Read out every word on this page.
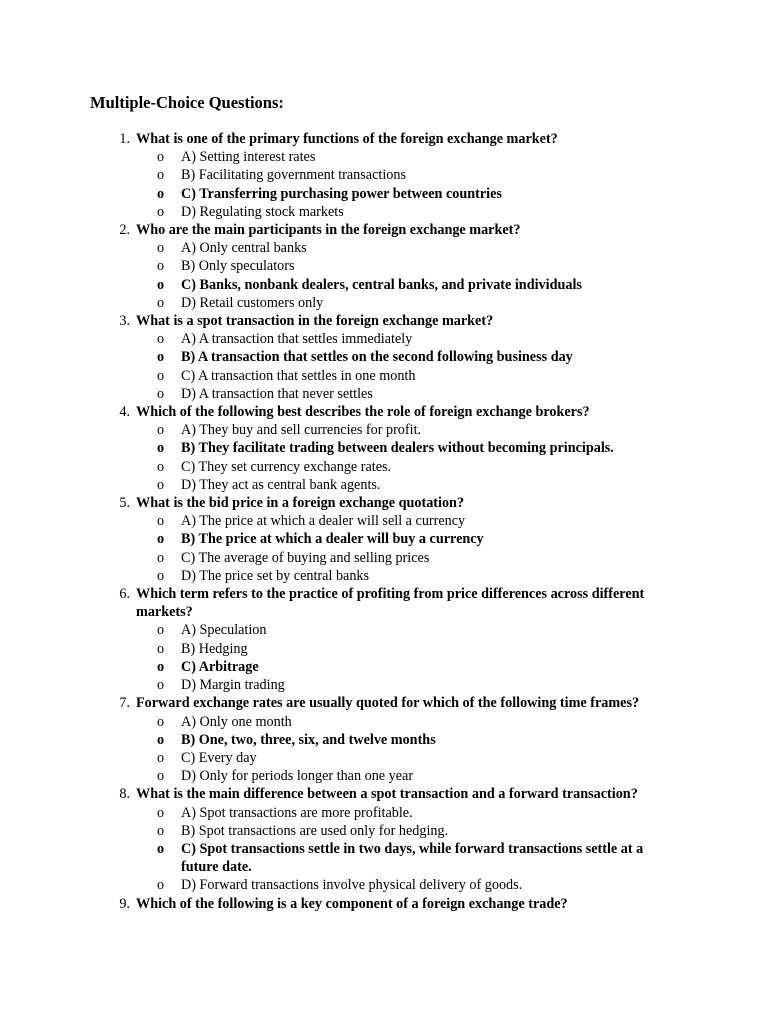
Multiple-Choice Questions:
1. What is one of the primary functions of the foreign exchange market?
o	A) Setting interest rates
o	B) Facilitating government transactions
o	C) Transferring purchasing power between countries
o	D) Regulating stock markets
2. Who are the main participants in the foreign exchange market?
o	A) Only central banks
o	B) Only speculators
o	C) Banks, nonbank dealers, central banks, and private individuals
o	D) Retail customers only
3. What is a spot transaction in the foreign exchange market?
o	A) A transaction that settles immediately
o	B) A transaction that settles on the second following business day
o	C) A transaction that settles in one month
o	D) A transaction that never settles
4. Which of the following best describes the role of foreign exchange brokers?
o	A) They buy and sell currencies for profit.
o	B) They facilitate trading between dealers without becoming principals.
o	C) They set currency exchange rates.
o	D) They act as central bank agents.
5. What is the bid price in a foreign exchange quotation?
o	A) The price at which a dealer will sell a currency
o	B) The price at which a dealer will buy a currency
o	C) The average of buying and selling prices
o	D) The price set by central banks
6. Which term refers to the practice of profiting from price differences across different markets?
o	A) Speculation
o	B) Hedging
o	C) Arbitrage
o	D) Margin trading
7. Forward exchange rates are usually quoted for which of the following time frames?
o	A) Only one month
o	B) One, two, three, six, and twelve months
o	C) Every day
o	D) Only for periods longer than one year
8. What is the main difference between a spot transaction and a forward transaction?
o	A) Spot transactions are more profitable.
o	B) Spot transactions are used only for hedging.
o	C) Spot transactions settle in two days, while forward transactions settle at a future date.
o	D) Forward transactions involve physical delivery of goods.
9. Which of the following is a key component of a foreign exchange trade?
